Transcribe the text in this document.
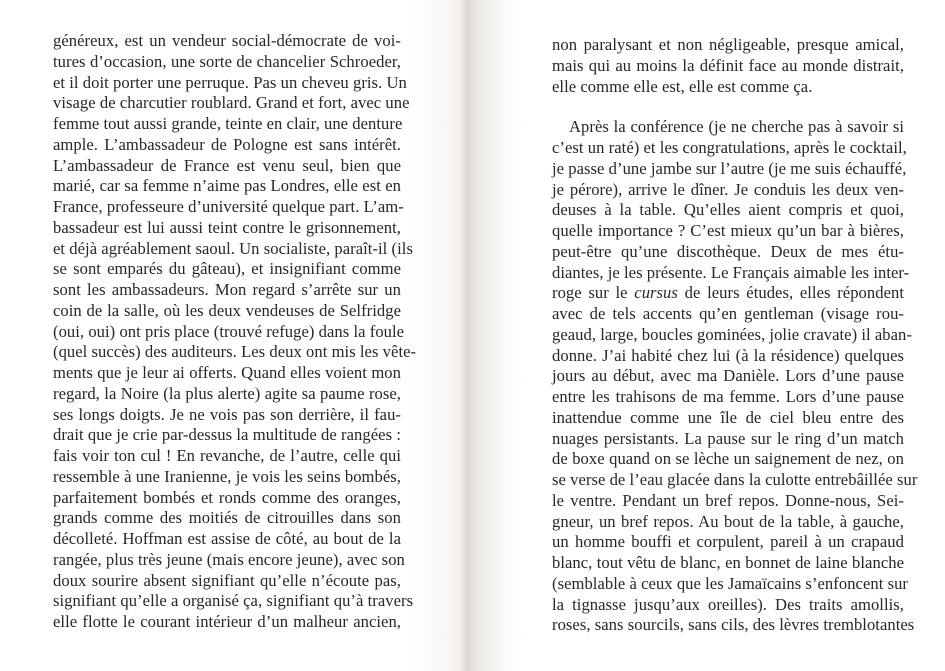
généreux, est un vendeur social-démocrate de voi-
tures d’occasion, une sorte de chancelier Schroeder,
et il doit porter une perruque. Pas un cheveu gris. Un
visage de charcutier roublard. Grand et fort, avec une
femme tout aussi grande, teinte en clair, une denture
ample. L’ambassadeur de Pologne est sans intérêt.
L’ambassadeur de France est venu seul, bien que
marié, car sa femme n’aime pas Londres, elle est en
France, professeure d’université quelque part. L’am-
bassadeur est lui aussi teint contre le grisonnement,
et déjà agréablement saoul. Un socialiste, paraît-il (ils
se sont emparés du gâteau), et insignifiant comme
sont les ambassadeurs. Mon regard s’arrête sur un
coin de la salle, où les deux vendeuses de Selfridge
(oui, oui) ont pris place (trouvé refuge) dans la foule
(quel succès) des auditeurs. Les deux ont mis les vête-
ments que je leur ai offerts. Quand elles voient mon
regard, la Noire (la plus alerte) agite sa paume rose,
ses longs doigts. Je ne vois pas son derrière, il fau-
drait que je crie par-dessus la multitude de rangées :
fais voir ton cul ! En revanche, de l’autre, celle qui
ressemble à une Iranienne, je vois les seins bombés,
parfaitement bombés et ronds comme des oranges,
grands comme des moitiés de citrouilles dans son
décolleté. Hoffman est assise de côté, au bout de la
rangée, plus très jeune (mais encore jeune), avec son
doux sourire absent signifiant qu’elle n’écoute pas,
signifiant qu’elle a organisé ça, signifiant qu’à travers
elle flotte le courant intérieur d’un malheur ancien,
non paralysant et non négligeable, presque amical,
mais qui au moins la définit face au monde distrait,
elle comme elle est, elle est comme ça.
Après la conférence (je ne cherche pas à savoir si
c’est un raté) et les congratulations, après le cocktail,
je passe d’une jambe sur l’autre (je me suis échauffé,
je pérore), arrive le dîner. Je conduis les deux ven-
deuses à la table. Qu’elles aient compris et quoi,
quelle importance ? C’est mieux qu’un bar à bières,
peut-être qu’une discothèque. Deux de mes étu-
diantes, je les présente. Le Français aimable les inter-
roge sur le cursus de leurs études, elles répondent
avec de tels accents qu’en gentleman (visage rou-
geaud, large, boucles gominées, jolie cravate) il aban-
donne. J’ai habité chez lui (à la résidence) quelques
jours au début, avec ma Danièle. Lors d’une pause
entre les trahisons de ma femme. Lors d’une pause
inattendue comme une île de ciel bleu entre des
nuages persistants. La pause sur le ring d’un match
de boxe quand on se lèche un saignement de nez, on
se verse de l’eau glacée dans la culotte entrebâillée sur
le ventre. Pendant un bref repos. Donne-nous, Sei-
gneur, un bref repos. Au bout de la table, à gauche,
un homme bouffi et corpulent, pareil à un crapaud
blanc, tout vêtu de blanc, en bonnet de laine blanche
(semblable à ceux que les Jamaïcains s’enfoncent sur
la tignasse jusqu’aux oreilles). Des traits amollis,
roses, sans sourcils, sans cils, des lèvres tremblotantes
